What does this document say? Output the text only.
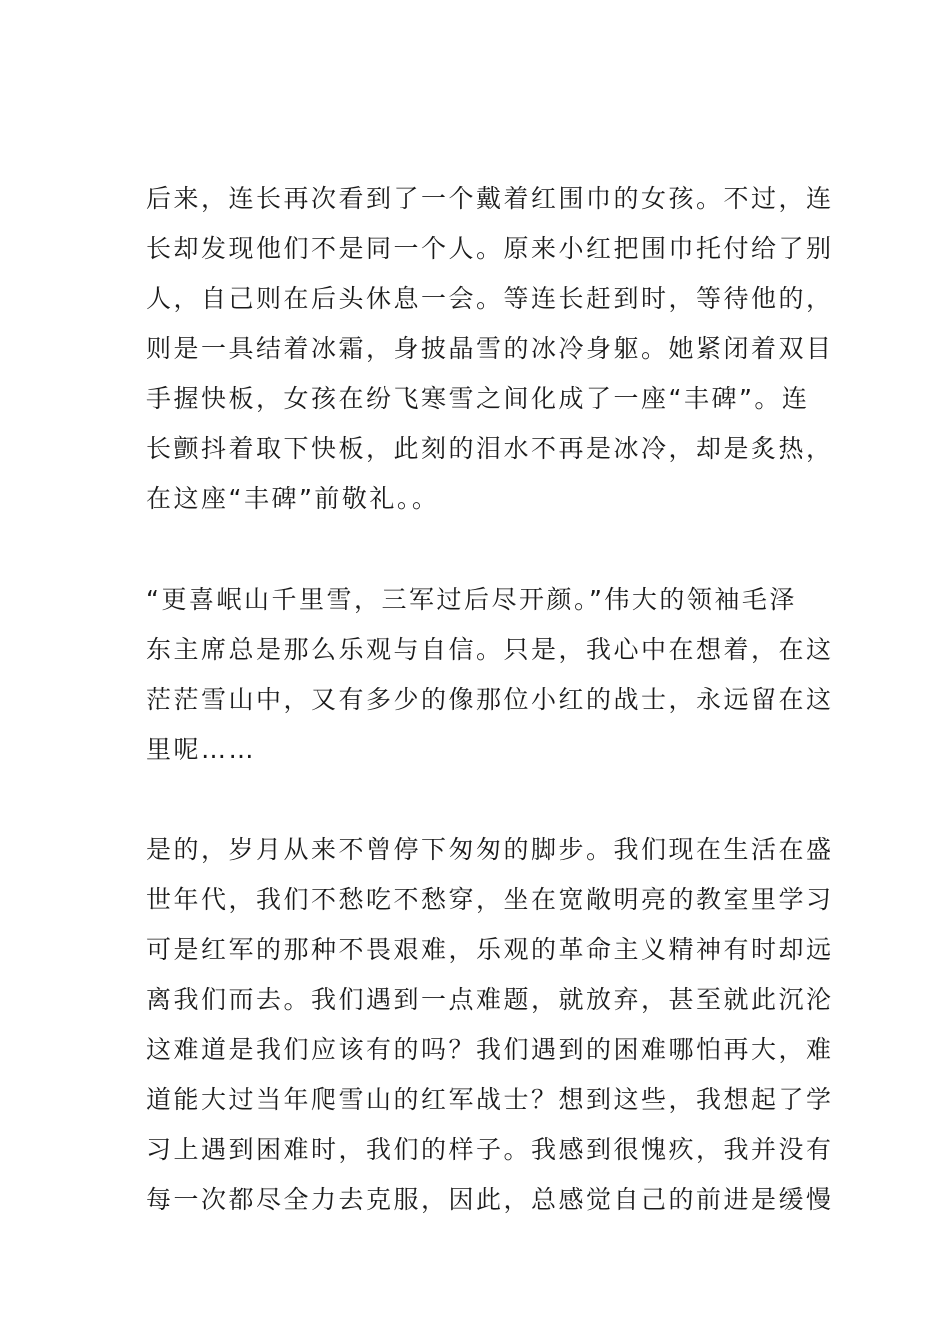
后来，连长再次看到了一个戴着红围巾的女孩。不过，连
长却发现他们不是同一个人。原来小红把围巾托付给了别
人，自己则在后头休息一会。等连长赶到时，等待他的，
则是一具结着冰霜，身披晶雪的冰冷身躯。她紧闭着双目
手握快板，女孩在纷飞寒雪之间化成了一座“丰碑”。连
长颤抖着取下快板，此刻的泪水不再是冰冷，却是炙热，
在这座“丰碑”前敬礼。。
“更喜岷山千里雪，三军过后尽开颜。”伟大的领袖毛泽
东主席总是那么乐观与自信。只是，我心中在想着，在这
茫茫雪山中，又有多少的像那位小红的战士，永远留在这
里呢……
是的，岁月从来不曾停下匆匆的脚步。我们现在生活在盛
世年代，我们不愁吃不愁穿，坐在宽敞明亮的教室里学习
可是红军的那种不畏艰难，乐观的革命主义精神有时却远
离我们而去。我们遇到一点难题，就放弃，甚至就此沉沦
这难道是我们应该有的吗？我们遇到的困难哪怕再大，难
道能大过当年爬雪山的红军战士？想到这些，我想起了学
习上遇到困难时，我们的样子。我感到很愧疚，我并没有
每一次都尽全力去克服，因此，总感觉自己的前进是缓慢
